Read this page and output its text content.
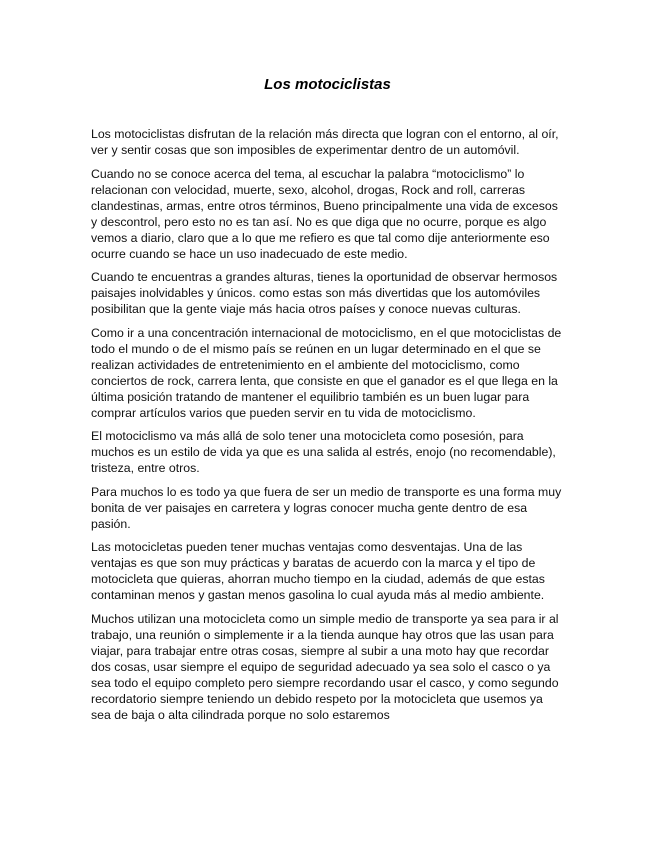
Los motociclistas

Los motociclistas disfrutan de la relación más directa que logran con el entorno, al oír, ver y sentir cosas que son imposibles de experimentar dentro de un automóvil.

Cuando no se conoce acerca del tema, al escuchar la palabra “motociclismo” lo relacionan con velocidad, muerte, sexo, alcohol, drogas, Rock and roll, carreras clandestinas, armas, entre otros términos, Bueno principalmente una vida de excesos y descontrol, pero esto no es tan así. No es que diga que no ocurre, porque es algo vemos a diario, claro que a lo que me refiero es que tal como dije anteriormente eso ocurre cuando se hace un uso inadecuado de este medio.

Cuando te encuentras a grandes alturas, tienes la oportunidad de observar hermosos paisajes inolvidables y únicos. como estas son más divertidas que los automóviles posibilitan que la gente viaje más hacia otros países y conoce nuevas culturas.

Como ir a una concentración internacional de motociclismo, en el que motociclistas de todo el mundo o de el mismo país se reúnen en un lugar determinado en el que se realizan actividades de entretenimiento en el ambiente del motociclismo, como conciertos de rock, carrera lenta, que consiste en que el ganador es el que llega en la última posición tratando de mantener el equilibrio también es un buen lugar para comprar artículos varios que pueden servir en tu vida de motociclismo.

El motociclismo va más allá de solo tener una motocicleta como posesión, para muchos es un estilo de vida ya que es una salida al estrés, enojo (no recomendable), tristeza, entre otros.

Para muchos lo es todo ya que fuera de ser un medio de transporte es una forma muy bonita de ver paisajes en carretera y logras conocer mucha gente dentro de esa pasión.

Las motocicletas pueden tener muchas ventajas como desventajas. Una de las ventajas es que son muy prácticas y baratas de acuerdo con la marca y el tipo de motocicleta que quieras, ahorran mucho tiempo en la ciudad, además de que estas contaminan menos y gastan menos gasolina lo cual ayuda más al medio ambiente.

Muchos utilizan una motocicleta como un simple medio de transporte ya sea para ir al trabajo, una reunión o simplemente ir a la tienda aunque hay otros que las usan para viajar, para trabajar entre otras cosas, siempre al subir a una moto hay que recordar dos cosas, usar siempre el equipo de seguridad adecuado ya sea solo el casco o ya sea todo el equipo completo pero siempre recordando usar el casco, y como segundo recordatorio siempre teniendo un debido respeto por la motocicleta que usemos ya sea de baja o alta cilindrada porque no solo estaremos
